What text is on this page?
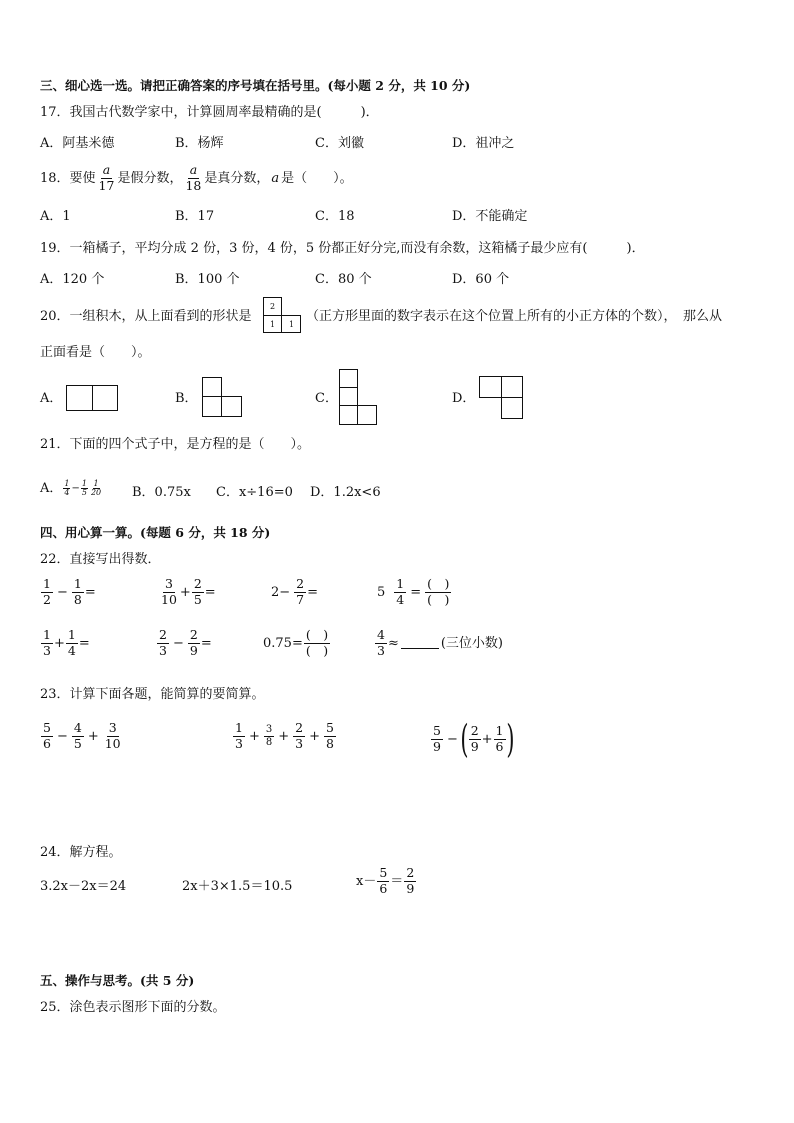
三、细心选一选。请把正确答案的序号填在括号里。(每小题 2 分，共 10 分)
17．我国古代数学家中，计算圆周率最精确的是(　　　)．
A．阿基米德	B．杨辉	C．刘徽	D．祖冲之
18．要使 $\frac{a}{17}$ 是假分数， $\frac{a}{18}$ 是真分数， a 是（　　）。
A．1	B．17	C．18	D．不能确定
19．一箱橘子，平均分成 2 份，3 份，4 份，5 份都正好分完,而没有余数，这箱橘子最少应有(　　　)．
A．120 个	B．100 个	C．80 个	D．60 个
20．一组积木，从上面看到的形状是
2
1 1
（正方形里面的数字表示在这个位置上所有的小正方体的个数），　那么从
正面看是（　　）。
A．	B．	C．	D．
21．下面的四个式子中，是方程的是（　　）。
A． $\frac{1}{4} - \frac{1}{5} \frac{1}{20}$ B．0.75x C．x÷16=0 D．1.2x<6
四、用心算一算。(每题 6 分，共 18 分)
22．直接写出得数．
$\frac{1}{2} - \frac{1}{8}$ =	$\frac{3}{10} + \frac{2}{5}$ =	$2- \frac{2}{7}$ =	$5 \frac{1}{4} = \frac{( )}{( )}$
$\frac{1}{3} + \frac{1}{4}$ =	$\frac{2}{3} - \frac{2}{9}$ =	$0.75= \frac{( )}{( )}$	$\frac{4}{3}$ ≈	(三位小数)
23．计算下面各题，能简算的要简算。
$\frac{5}{6} - \frac{4}{5} + \frac{3}{10}$	$\frac{1}{3} + \frac{3}{8} + \frac{2}{3} + \frac{5}{8}$	$\frac{5}{9}$ − ( $\frac{2}{9} + \frac{1}{6}$ )
24．解方程。
3.2x－2x＝24	2x＋3×1.5＝10.5	$x- \frac{5}{6} = \frac{2}{9}$
五、操作与思考。(共 5 分)
25．涂色表示图形下面的分数。
